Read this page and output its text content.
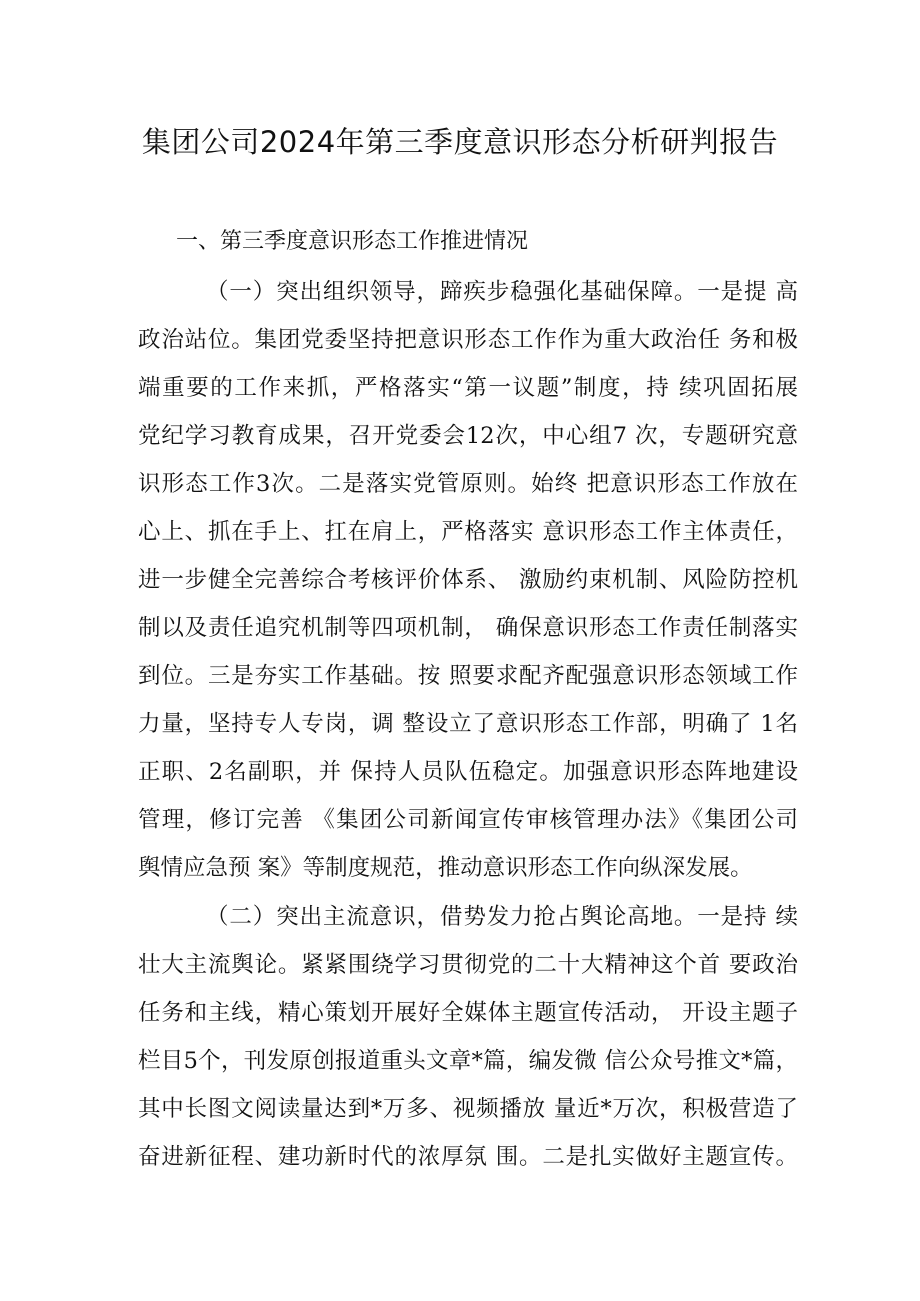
集团公司2024年第三季度意识形态分析研判报告
一、第三季度意识形态工作推进情况
（一）突出组织领导，蹄疾步稳强化基础保障。一是提 高
政治站位。集团党委坚持把意识形态工作作为重大政治任 务和极
端重要的工作来抓，严格落实“第一议题”制度，持 续巩固拓展
党纪学习教育成果，召开党委会12次，中心组7 次，专题研究意
识形态工作3次。二是落实党管原则。始终 把意识形态工作放在
心上、抓在手上、扛在肩上，严格落实 意识形态工作主体责任，
进一步健全完善综合考核评价体系、 激励约束机制、风险防控机
制以及责任追究机制等四项机制， 确保意识形态工作责任制落实
到位。三是夯实工作基础。按 照要求配齐配强意识形态领域工作
力量，坚持专人专岗，调 整设立了意识形态工作部，明确了 1名
正职、2名副职，并 保持人员队伍稳定。加强意识形态阵地建设
管理，修订完善 《集团公司新闻宣传审核管理办法》《集团公司
舆情应急预 案》等制度规范，推动意识形态工作向纵深发展。
（二）突出主流意识，借势发力抢占舆论高地。一是持 续
壮大主流舆论。紧紧围绕学习贯彻党的二十大精神这个首 要政治
任务和主线，精心策划开展好全媒体主题宣传活动， 开设主题子
栏目5个，刊发原创报道重头文章*篇，编发微 信公众号推文*篇，
其中长图文阅读量达到*万多、视频播放 量近*万次，积极营造了
奋进新征程、建功新时代的浓厚氛 围。二是扎实做好主题宣传。
